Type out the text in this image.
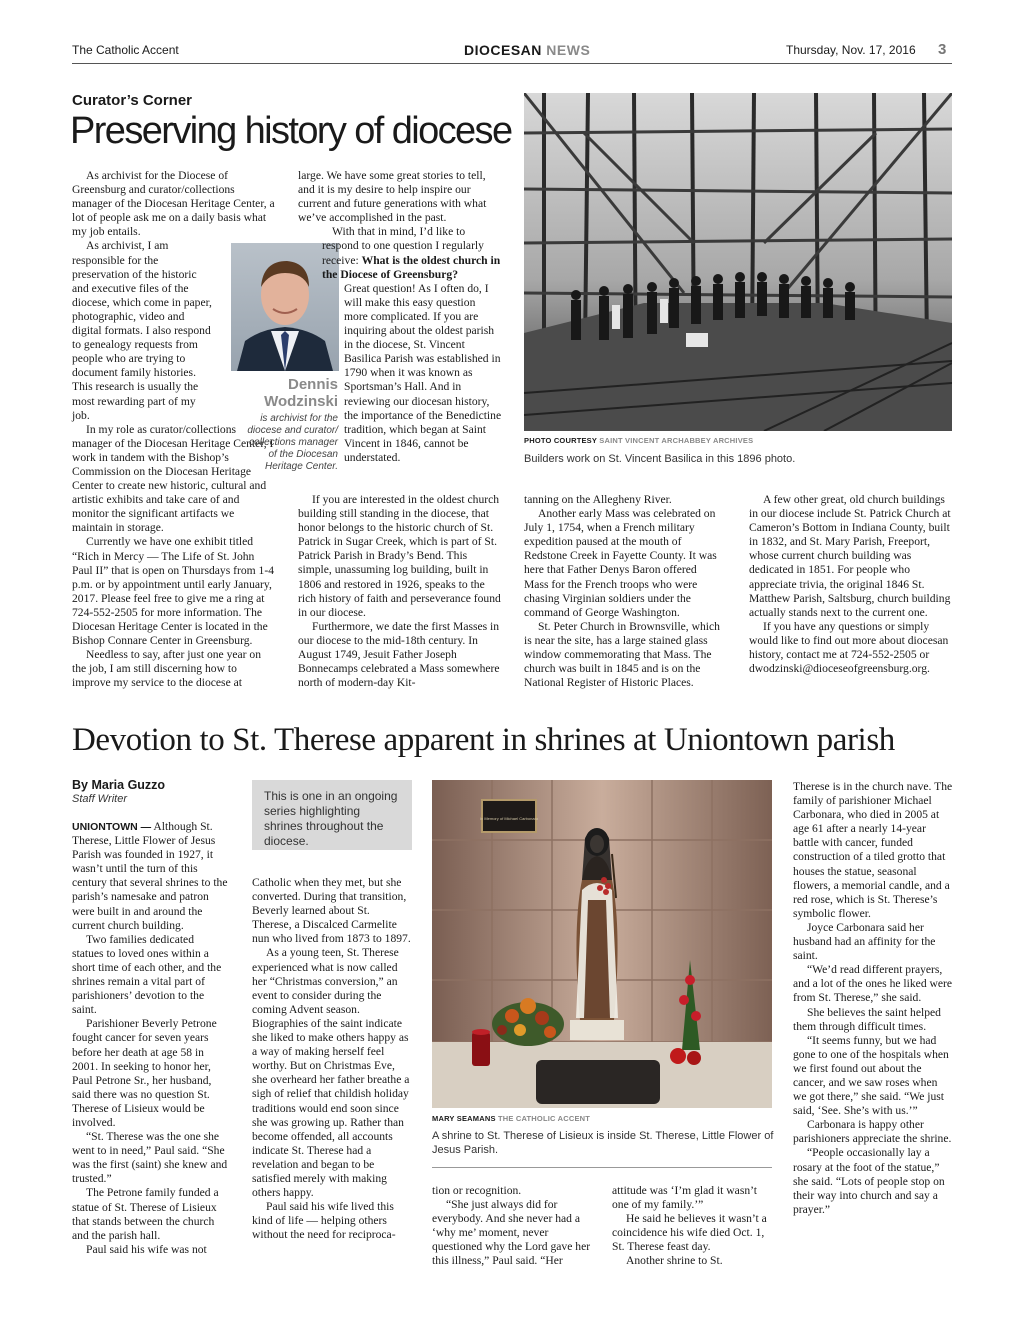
The Catholic Accent	DIOCESAN NEWS	Thursday, Nov. 17, 2016 3
Curator’s Corner
Preserving history of diocese

As archivist for the Diocese of Greensburg and curator/collections manager of the Diocesan Heritage Center, a lot of people ask me on a daily basis what my job entails.

As archivist, I am responsible for the preservation of the historic and executive files of the diocese, which come in paper, photographic, video and digital formats. I also respond to genealogy requests from people who are trying to document family histories. This research is usually the most rewarding part of my job.

In my role as curator/collections manager of the Diocesan Heritage Center, I work in tandem with the Bishop’s Commission on the Diocesan Heritage Center to create new historic, cultural and artistic exhibits and take care of and monitor the significant artifacts we maintain in storage.

Currently we have one exhibit titled “Rich in Mercy — The Life of St. John Paul II” that is open on Thursdays from 1-4 p.m. or by appointment until early January, 2017. Please feel free to give me a ring at 724-552-2505 for more information. The Diocesan Heritage Center is located in the Bishop Connare Center in Greensburg.

Needless to say, after just one year on the job, I am still discerning how to improve my service to the diocese at

Dennis
Wodzinski
is archivist for the
diocese and curator/
collections manager
of the Diocesan
Heritage Center.

large. We have some great stories to tell, and it is my desire to help inspire our current and future generations with what we’ve accomplished in the past.

With that in mind, I’d like to respond to one question I regularly receive: What is the oldest church in the Diocese of Greensburg?

Great question! As I often do, I will make this easy question more complicated. If you are inquiring about the oldest parish in the diocese, St. Vincent Basilica Parish was established in 1790 when it was known as Sportsman’s Hall. And in reviewing our diocesan history, the importance of the Benedictine tradition, which began at Saint Vincent in 1846, cannot be understated.

If you are interested in the oldest church building still standing in the diocese, that honor belongs to the historic church of St. Patrick in Sugar Creek, which is part of St. Patrick Parish in Brady’s Bend. This simple, unassuming log building, built in 1806 and restored in 1926, speaks to the rich history of faith and perseverance found in our diocese.

Furthermore, we date the first Masses in our diocese to the mid-18th century. In August 1749, Jesuit Father Joseph Bonnecamps celebrated a Mass somewhere north of modern-day Kit-

PHOTO COURTESY SAINT VINCENT ARCHABBEY ARCHIVES
Builders work on St. Vincent Basilica in this 1896 photo.

tanning on the Allegheny River.

Another early Mass was celebrated on July 1, 1754, when a French military expedition paused at the mouth of Redstone Creek in Fayette County. It was here that Father Denys Baron offered Mass for the French troops who were chasing Virginian soldiers under the command of George Washington.

St. Peter Church in Brownsville, which is near the site, has a large stained glass window commemorating that Mass. The church was built in 1845 and is on the National Register of Historic Places.

A few other great, old church buildings in our diocese include St. Patrick Church at Cameron’s Bottom in Indiana County, built in 1832, and St. Mary Parish, Freeport, whose current church building was dedicated in 1851. For people who appreciate trivia, the original 1846 St. Matthew Parish, Saltsburg, church building actually stands next to the current one.

If you have any questions or simply would like to find out more about diocesan history, contact me at 724-552-2505 or dwodzinski@dioceseofgreensburg.org.

Devotion to St. Therese apparent in shrines at Uniontown parish
By Maria Guzzo
Staff Writer

UNIONTOWN — Although St. Therese, Little Flower of Jesus Parish was founded in 1927, it wasn’t until the turn of this century that several shrines to the parish’s namesake and patron were built in and around the current church building.

Two families dedicated statues to loved ones within a short time of each other, and the shrines remain a vital part of parishioners’ devotion to the saint.

Parishioner Beverly Petrone fought cancer for seven years before her death at age 58 in 2001. In seeking to honor her, Paul Petrone Sr., her husband, said there was no question St. Therese of Lisieux would be involved.

“St. Therese was the one she went to in need,” Paul said. “She was the first (saint) she knew and trusted.”

The Petrone family funded a statue of St. Therese of Lisieux that stands between the church and the parish hall.

Paul said his wife was not

This is one in an ongoing series highlighting shrines throughout the diocese.

Catholic when they met, but she converted. During that transition, Beverly learned about St. Therese, a Discalced Carmelite nun who lived from 1873 to 1897.

As a young teen, St. Therese experienced what is now called her “Christmas conversion,” an event to consider during the coming Advent season. Biographies of the saint indicate she liked to make others happy as a way of making herself feel worthy. But on Christmas Eve, she overheard her father breathe a sigh of relief that childish holiday traditions would end soon since she was growing up. Rather than become offended, all accounts indicate St. Therese had a revelation and began to be satisfied merely with making others happy.

Paul said his wife lived this kind of life — helping others without the need for reciproca-

In Memory of Michael Carbonara
MARY SEAMANS THE CATHOLIC ACCENT
A shrine to St. Therese of Lisieux is inside St. Therese, Little Flower of Jesus Parish.

tion or recognition.

“She just always did for everybody. And she never had a ‘why me’ moment, never questioned why the Lord gave her this illness,” Paul said. “Her

attitude was ‘I’m glad it wasn’t one of my family.’”

He said he believes it wasn’t a coincidence his wife died Oct. 1, St. Therese feast day.

Another shrine to St.

Therese is in the church nave. The family of parishioner Michael Carbonara, who died in 2005 at age 61 after a nearly 14-year battle with cancer, funded construction of a tiled grotto that houses the statue, seasonal flowers, a memorial candle, and a red rose, which is St. Therese’s symbolic flower.

Joyce Carbonara said her husband had an affinity for the saint.

“We’d read different prayers, and a lot of the ones he liked were from St. Therese,” she said.

She believes the saint helped them through difficult times.

“It seems funny, but we had gone to one of the hospitals when we first found out about the cancer, and we saw roses when we got there,” she said. “We just said, ‘See. She’s with us.’”

Carbonara is happy other parishioners appreciate the shrine.

“People occasionally lay a rosary at the foot of the statue,” she said. “Lots of people stop on their way into church and say a prayer.”
